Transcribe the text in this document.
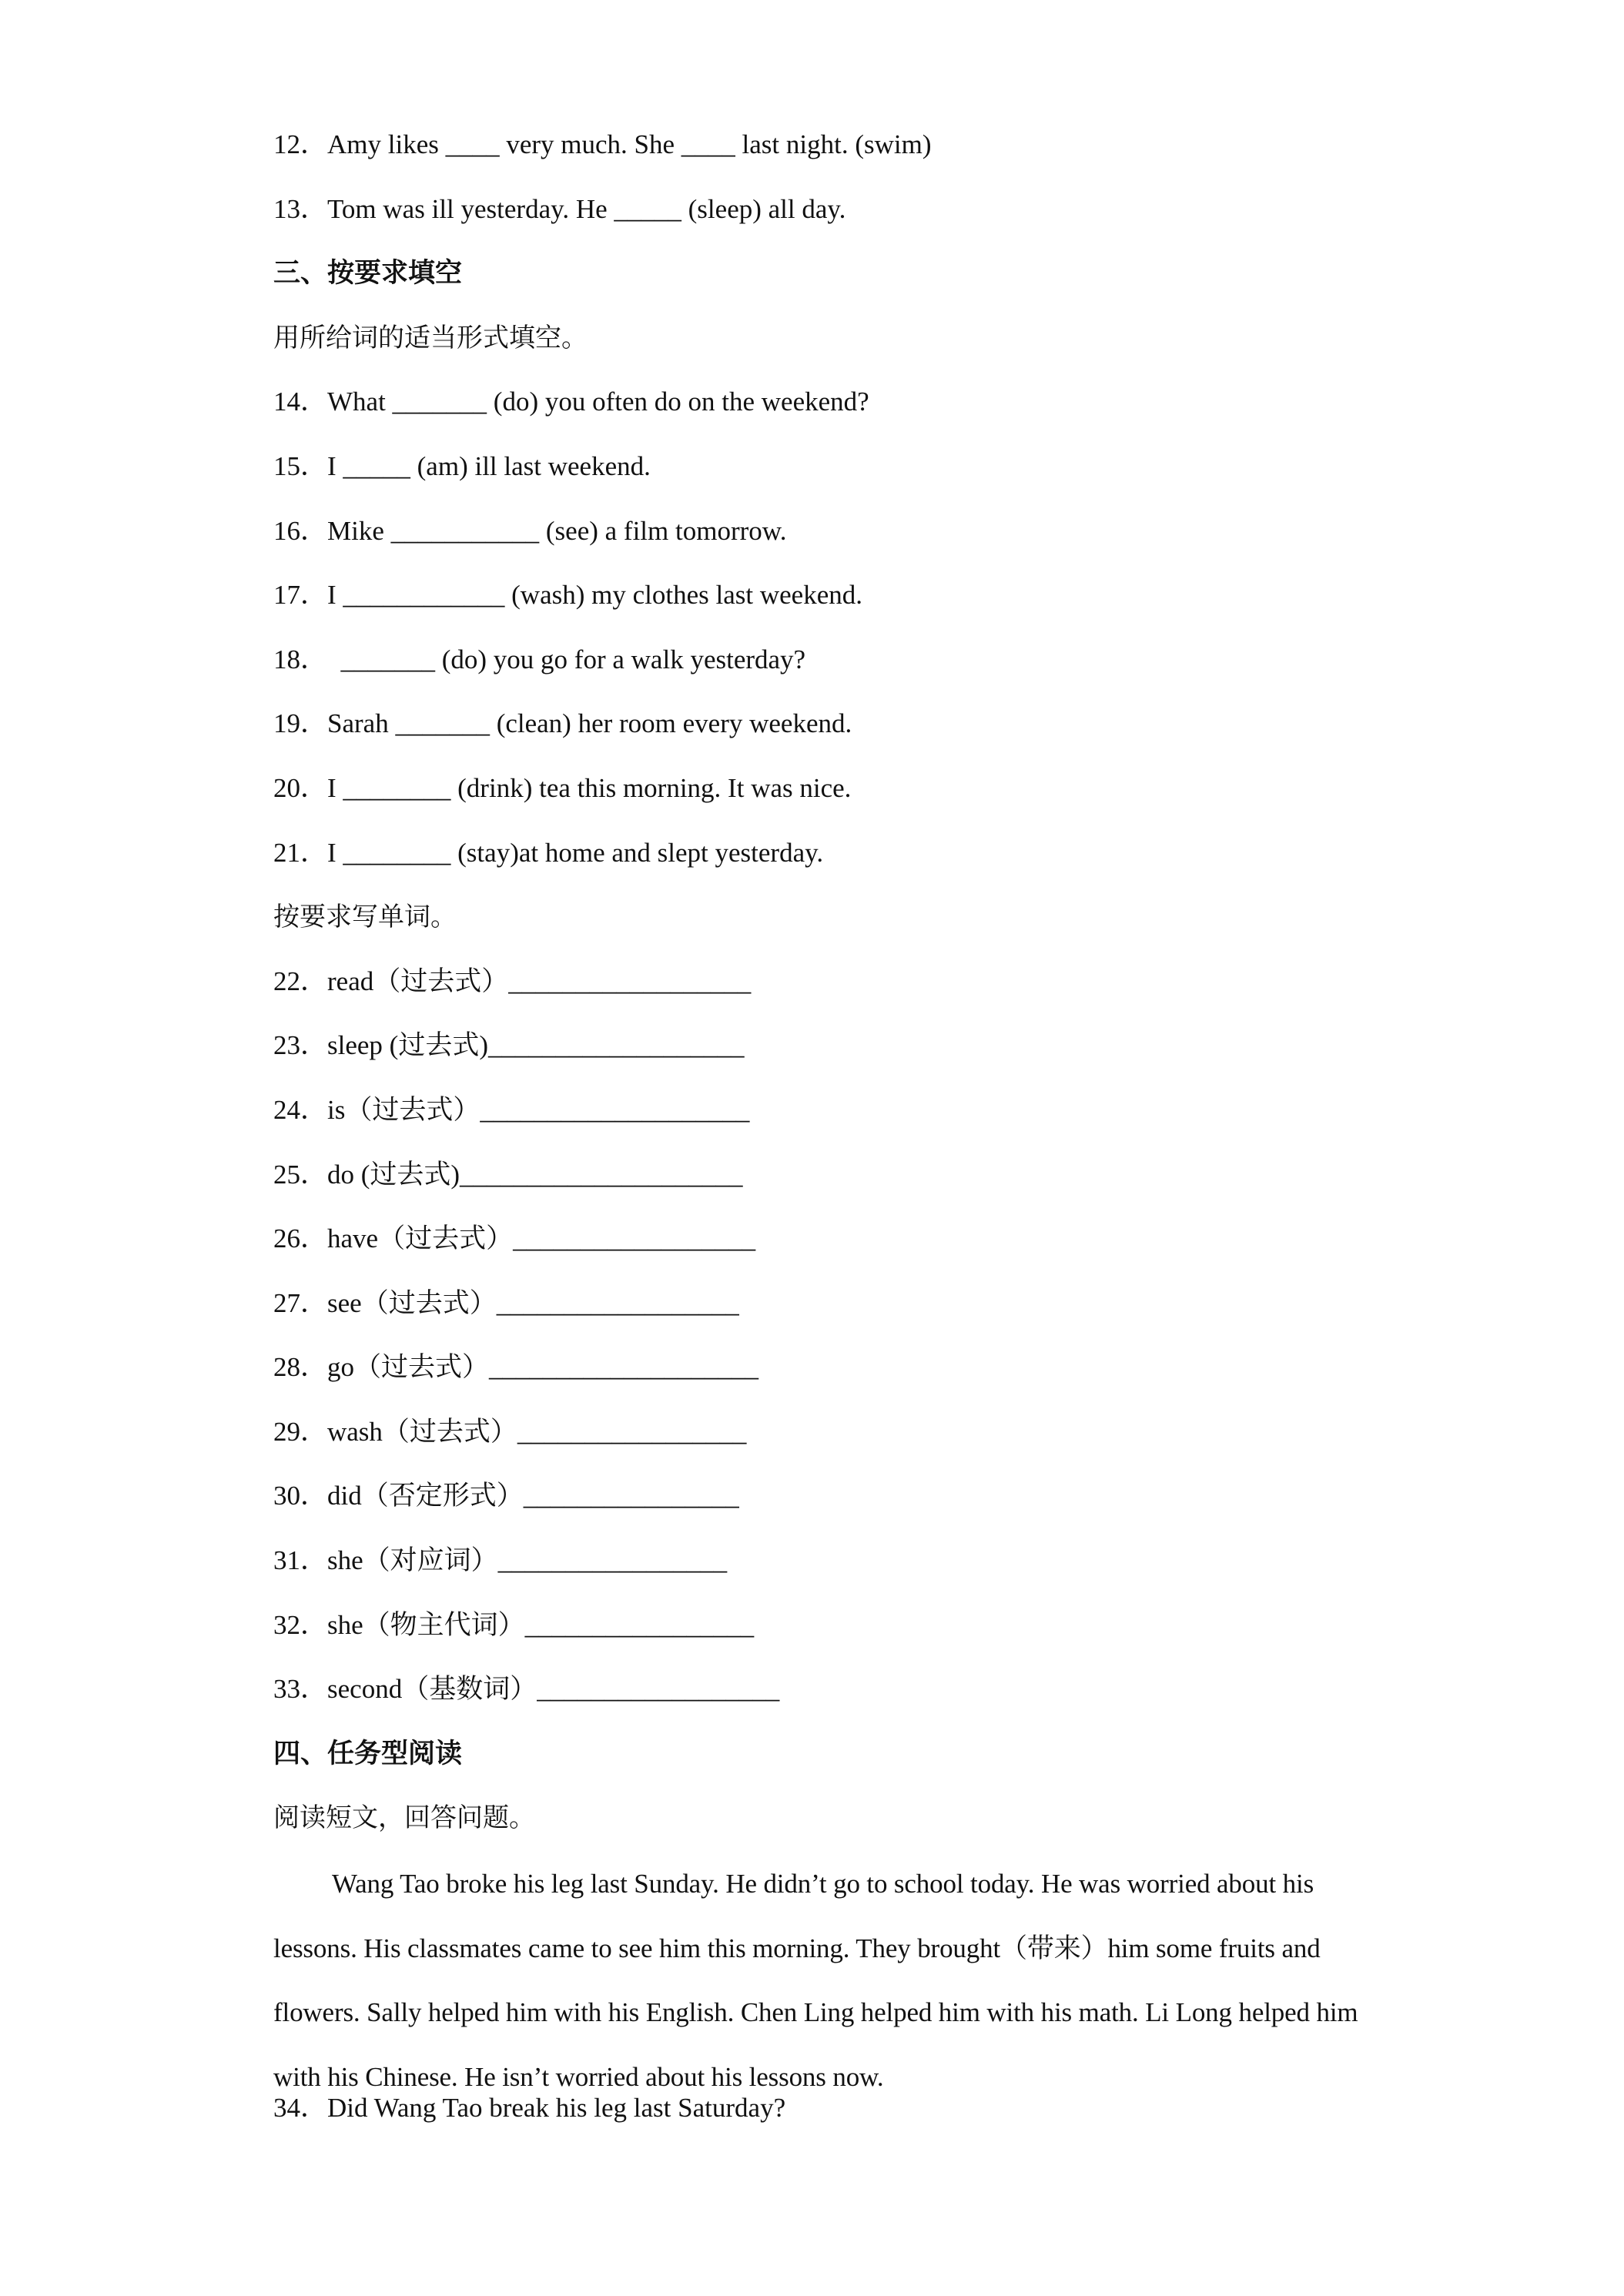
12．Amy likes ____ very much. She ____ last night. (swim)
13．Tom was ill yesterday. He _____ (sleep) all day.
三、按要求填空
用所给词的适当形式填空。
14．What _______ (do) you often do on the weekend?
15．I _____ (am) ill last weekend.
16．Mike ___________ (see) a film tomorrow.
17．I ____________ (wash) my clothes last weekend.
18．  _______ (do) you go for a walk yesterday?
19．Sarah _______ (clean) her room every weekend.
20．I ________ (drink) tea this morning. It was nice.
21．I ________ (stay)at home and slept yesterday.
按要求写单词。
22．read（过去式）__________________
23．sleep (过去式)___________________
24．is（过去式）____________________
25．do (过去式)_____________________
26．have（过去式）__________________
27．see（过去式）__________________
28．go（过去式）____________________
29．wash（过去式）_________________
30．did（否定形式）________________
31．she（对应词）_________________
32．she（物主代词）_________________
33．second（基数词）__________________
四、任务型阅读
阅读短文，回答问题。

Wang Tao broke his leg last Sunday. He didn’t go to school today. He was worried about his lessons. His classmates came to see him this morning. They brought（带来）him some fruits and flowers. Sally helped him with his English. Chen Ling helped him with his math. Li Long helped him with his Chinese. He isn’t worried about his lessons now.

34．Did Wang Tao break his leg last Saturday?
